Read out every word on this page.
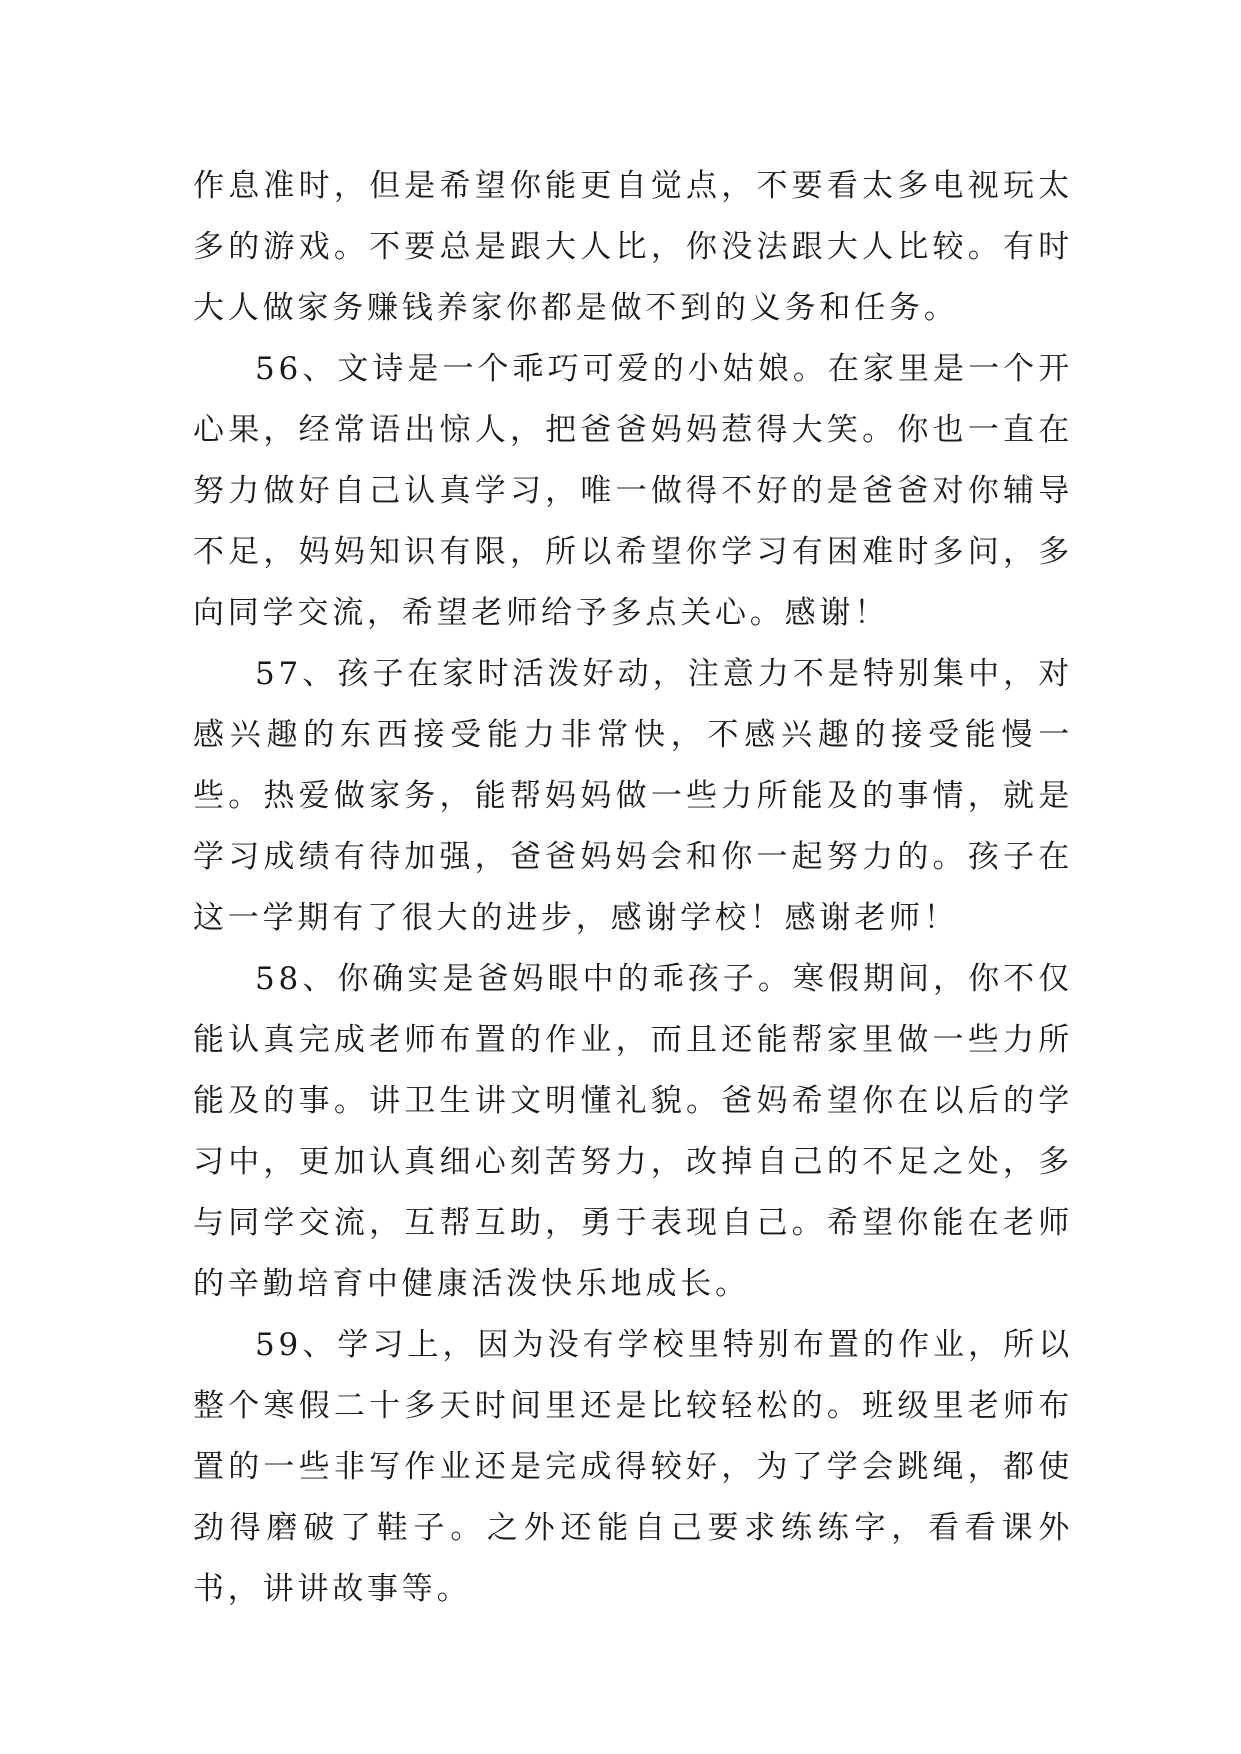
作息准时，但是希望你能更自觉点，不要看太多电视玩太多的游戏。不要总是跟大人比，你没法跟大人比较。有时大人做家务赚钱养家你都是做不到的义务和任务。

56、文诗是一个乖巧可爱的小姑娘。在家里是一个开心果，经常语出惊人，把爸爸妈妈惹得大笑。你也一直在努力做好自己认真学习，唯一做得不好的是爸爸对你辅导不足，妈妈知识有限，所以希望你学习有困难时多问，多向同学交流，希望老师给予多点关心。感谢！

57、孩子在家时活泼好动，注意力不是特别集中，对感兴趣的东西接受能力非常快，不感兴趣的接受能慢一些。热爱做家务，能帮妈妈做一些力所能及的事情，就是学习成绩有待加强，爸爸妈妈会和你一起努力的。孩子在这一学期有了很大的进步，感谢学校！感谢老师！

58、你确实是爸妈眼中的乖孩子。寒假期间，你不仅能认真完成老师布置的作业，而且还能帮家里做一些力所能及的事。讲卫生讲文明懂礼貌。爸妈希望你在以后的学习中，更加认真细心刻苦努力，改掉自己的不足之处，多与同学交流，互帮互助，勇于表现自己。希望你能在老师的辛勤培育中健康活泼快乐地成长。

59、学习上，因为没有学校里特别布置的作业，所以整个寒假二十多天时间里还是比较轻松的。班级里老师布置的一些非写作业还是完成得较好，为了学会跳绳，都使劲得磨破了鞋子。之外还能自己要求练练字，看看课外书，讲讲故事等。
